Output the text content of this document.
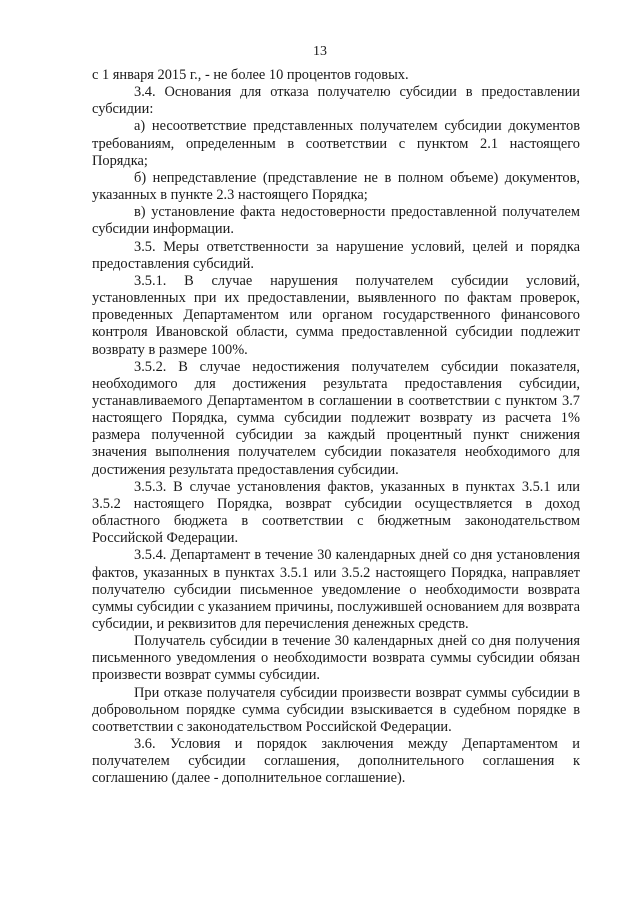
13

с 1 января 2015 г., - не более 10 процентов годовых.

3.4. Основания для отказа получателю субсидии в предоставлении субсидии:

а) несоответствие представленных получателем субсидии документов требованиям, определенным в соответствии с пунктом 2.1 настоящего Порядка;

б) непредставление (представление не в полном объеме) документов, указанных в пункте 2.3 настоящего Порядка;

в) установление факта недостоверности предоставленной получателем субсидии информации.

3.5. Меры ответственности за нарушение условий, целей и порядка предоставления субсидий.

3.5.1. В случае нарушения получателем субсидии условий, установленных при их предоставлении, выявленного по фактам проверок, проведенных Департаментом или органом государственного финансового контроля Ивановской области, сумма предоставленной субсидии подлежит возврату в размере 100%.

3.5.2. В случае недостижения получателем субсидии показателя, необходимого для достижения результата предоставления субсидии, устанавливаемого Департаментом в соглашении в соответствии с пунктом 3.7 настоящего Порядка, сумма субсидии подлежит возврату из расчета 1% размера полученной субсидии за каждый процентный пункт снижения значения выполнения получателем субсидии показателя необходимого для достижения результата предоставления субсидии.

3.5.3. В случае установления фактов, указанных в пунктах 3.5.1 или 3.5.2 настоящего Порядка, возврат субсидии осуществляется в доход областного бюджета в соответствии с бюджетным законодательством Российской Федерации.

3.5.4. Департамент в течение 30 календарных дней со дня установления фактов, указанных в пунктах 3.5.1 или 3.5.2 настоящего Порядка, направляет получателю субсидии письменное уведомление о необходимости возврата суммы субсидии с указанием причины, послужившей основанием для возврата субсидии, и реквизитов для перечисления денежных средств.

Получатель субсидии в течение 30 календарных дней со дня получения письменного уведомления о необходимости возврата суммы субсидии обязан произвести возврат суммы субсидии.

При отказе получателя субсидии произвести возврат суммы субсидии в добровольном порядке сумма субсидии взыскивается в судебном порядке в соответствии с законодательством Российской Федерации.

3.6. Условия и порядок заключения между Департаментом и получателем субсидии соглашения, дополнительного соглашения к соглашению (далее - дополнительное соглашение).
